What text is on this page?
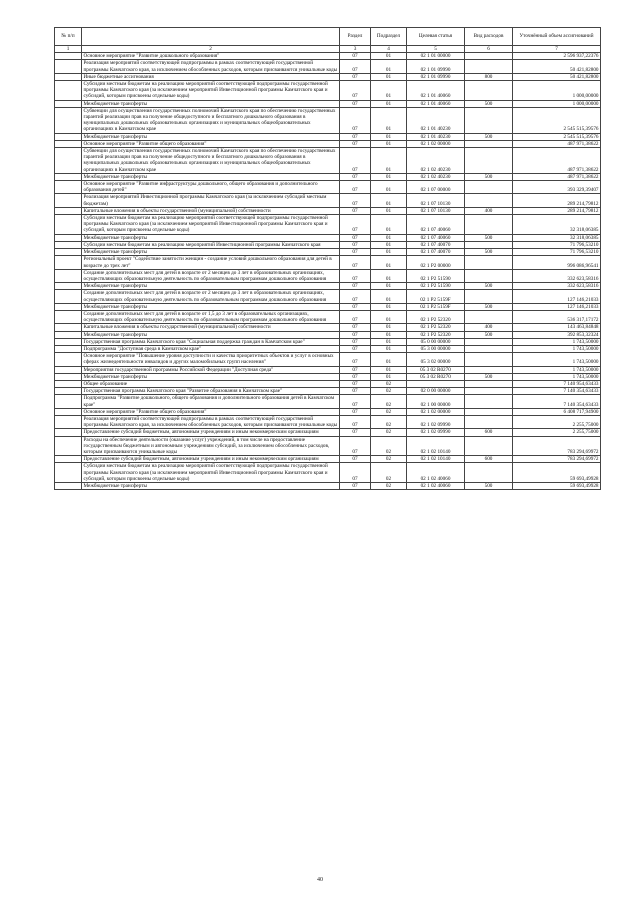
№ п/п		Раздел	Подраздел	Целевая статья	Вид расходов	Уточнённый объем ассигнований
1	2	3	4	5	6	7
	Основное мероприятие "Развитие дошкольного образования"	07	01	02 1 01 00000		2 596 937,22376
	Реализация мероприятий соответствующей подпрограммы в рамках соответствующей государственной программы Камчатского края, за исключением обособленных расходов, которым присваиваются уникальные коды	07	01	02 1 01 09990		50 421,82800
	Иные бюджетные ассигнования	07	01	02 1 01 09990	800	50 421,82800
	Субсидии местным бюджетам на реализацию мероприятий соответствующей подпрограммы государственной программы Камчатского края (за исключением мероприятий Инвестиционной программы Камчатского края и субсидий, которым присвоены отдельные коды)	07	01	02 1 01 40060		1 000,00000
	Межбюджетные трансферты	07	01	02 1 01 40060	500	1 000,00000
	Субвенции для осуществления государственных полномочий Камчатского края по обеспечению государственных гарантий реализации прав на получение общедоступного и бесплатного дошкольного образования в муниципальных дошкольных образовательных организациях и муниципальных общеобразовательных организациях в Камчатском крае	07	01	02 1 01 40230		2 545 515,39576
	Межбюджетные трансферты	07	01	02 1 01 40230	500	2 545 515,39576
	Основное мероприятие "Развитие общего образования"	07	01	02 1 02 00000		487 971,38622
	Субвенции для осуществления государственных полномочий Камчатского края по обеспечению государственных гарантий реализации прав на получение общедоступного и бесплатного дошкольного образования в муниципальных дошкольных образовательных организациях и муниципальных общеобразовательных организациях в Камчатском крае	07	01	02 1 02 40230		487 971,38622
	Межбюджетные трансферты	07	01	02 1 02 40230	500	487 971,38622
	Основное мероприятие "Развитие инфраструктуры дошкольного, общего образования и дополнительного образования детей"	07	01	02 1 07 00000		393 329,39407
	Реализация мероприятий Инвестиционной программы Камчатского края (за исключением субсидий местным бюджетам)	07	01	02 1 07 10130		289 214,79812
	Капитальные вложения в объекты государственной (муниципальной) собственности	07	01	02 1 07 10130	400	289 214,79812
	Субсидии местным бюджетам на реализацию мероприятий соответствующей подпрограммы государственной программы Камчатского края (за исключением мероприятий Инвестиционной программы Камчатского края и субсидий, которым присвоены отдельные коды)	07	01	02 1 07 40060		32 318,06385
	Межбюджетные трансферты	07	01	02 1 07 40060	500	32 318,06385
	Субсидии местным бюджетам на реализацию мероприятий Инвестиционной программы Камчатского края	07	01	02 1 07 40070		71 796,53210
	Межбюджетные трансферты	07	01	02 1 07 40070	500	71 796,53210
	Региональный проект "Содействие занятости женщин - создание условий дошкольного образования для детей в возрасте до трех лет"	07	01	02 1 P2 00000		996 086,96541
	Создание дополнительных мест для детей в возрасте от 2 месяцев до 3 лет в образовательных организациях, осуществляющих образовательную деятельность по образовательным программам дошкольного образования	07	01	02 1 P2 51590		332 623,58316
	Межбюджетные трансферты	07	01	02 1 P2 51590	500	332 623,58316
	Создание дополнительных мест для детей в возрасте от 2 месяцев до 3 лет в образовательных организациях, осуществляющих образовательную деятельность по образовательным программам дошкольного образования	07	01	02 1 P2 5159F		127 146,21033
	Межбюджетные трансферты	07	01	02 1 P2 5159F	500	127 146,21033
	Создание дополнительных мест для детей в возрасте от 1,5 до 3 лет в образовательных организациях, осуществляющих образовательную деятельность по образовательным программам дошкольного образования	07	01	02 1 P2 52320		536 317,17172
	Капитальные вложения в объекты государственной (муниципальной) собственности	07	01	02 1 P2 52320	400	143 463,84848
	Межбюджетные трансферты	07	01	02 1 P2 52320	500	392 853,32324
	Государственная программа Камчатского края "Социальная поддержка граждан в Камчатском крае"	07	01	05 0 00 00000		1 743,50000
	Подпрограмма "Доступная среда в Камчатском крае"	07	01	05 3 00 00000		1 743,50000
	Основное мероприятие "Повышение уровня доступности и качества приоритетных объектов и услуг в основных сферах жизнедеятельности инвалидов и других маломобильных групп населения"	07	01	05 3 02 00000		1 743,50000
	Мероприятия государственной программы Российской Федерации "Доступная среда"	07	01	05 3 02 R0270		1 743,50000
	Межбюджетные трансферты	07	01	05 3 02 R0270	500	1 743,50000
	Общее образование	07	02			7 140 954,63433
	Государственная программа Камчатского края "Развитие образования в Камчатском крае"	07	02	02 0 00 00000		7 140 354,63433
	Подпрограмма "Развитие дошкольного, общего образования и дополнительного образования детей в Камчатском крае"	07	02	02 1 00 00000		7 140 354,63433
	Основное мероприятие "Развитие общего образования"	07	02	02 1 02 00000		6 408 717,94900
	Реализация мероприятий соответствующей подпрограммы в рамках соответствующей государственной программы Камчатского края, за исключением обособленных расходов, которым присваиваются уникальные коды	07	02	02 1 02 09990		2 255,75000
	Предоставление субсидий бюджетным, автономным учреждениям и иным некоммерческим организациям	07	02	02 1 02 09990	600	2 255,75000
	Расходы на обеспечение деятельности (оказание услуг) учреждений, в том числе на предоставление государственным бюджетным и автономным учреждениям субсидий, за исключением обособленных расходов, которым присваиваются уникальные коды	07	02	02 1 02 10140		783 294,69972
	Предоставление субсидий бюджетным, автономным учреждениям и иным некоммерческим организациям	07	02	02 1 02 10140	600	783 294,69972
	Субсидии местным бюджетам на реализацию мероприятий соответствующей подпрограммы государственной программы Камчатского края (за исключением мероприятий Инвестиционной программы Камчатского края и субсидий, которым присвоены отдельные коды)	07	02	02 1 02 40060		59 693,49928
	Межбюджетные трансферты	07	02	02 1 02 40060	500	59 693,49928
40
